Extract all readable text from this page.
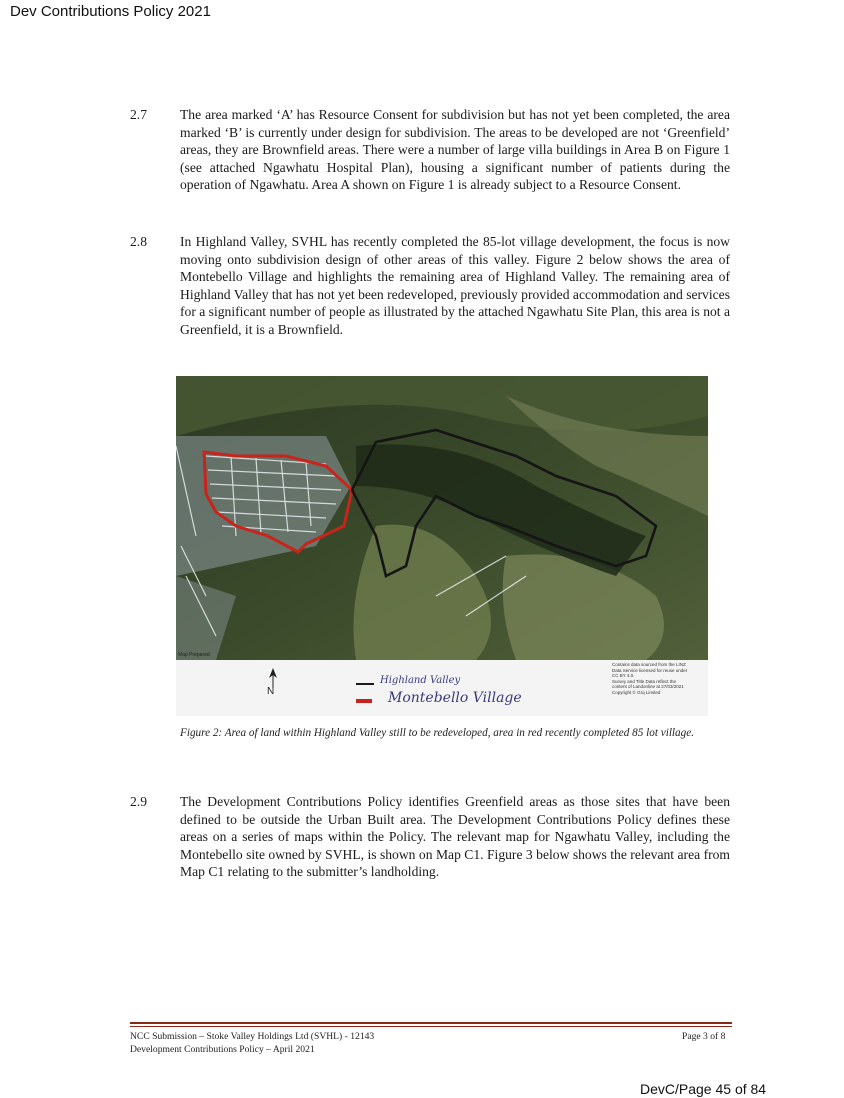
Dev Contributions Policy 2021
2.7 The area marked ‘A’ has Resource Consent for subdivision but has not yet been completed, the area marked ‘B’ is currently under design for subdivision. The areas to be developed are not ‘Greenfield’ areas, they are Brownfield areas. There were a number of large villa buildings in Area B on Figure 1 (see attached Ngawhatu Hospital Plan), housing a significant number of patients during the operation of Ngawhatu. Area A shown on Figure 1 is already subject to a Resource Consent.
2.8 In Highland Valley, SVHL has recently completed the 85-lot village development, the focus is now moving onto subdivision design of other areas of this valley. Figure 2 below shows the area of Montebello Village and highlights the remaining area of Highland Valley. The remaining area of Highland Valley that has not yet been redeveloped, previously provided accommodation and services for a significant number of people as illustrated by the attached Ngawhatu Site Plan, this area is not a Greenfield, it is a Brownfield.
Map Prepared
N
Highland Valley
Montebello Village
Contains data sourced from the LINZ
Data Service licensed for reuse under
CC BY 4.0.
Survey and Title Data reflect the
content of Landonline at 27/03/2021
Copyright © Grq Limited
Figure 2: Area of land within Highland Valley still to be redeveloped, area in red recently completed 85 lot village.
2.9 The Development Contributions Policy identifies Greenfield areas as those sites that have been defined to be outside the Urban Built area. The Development Contributions Policy defines these areas on a series of maps within the Policy. The relevant map for Ngawhatu Valley, including the Montebello site owned by SVHL, is shown on Map C1. Figure 3 below shows the relevant area from Map C1 relating to the submitter’s landholding.
NCC Submission – Stoke Valley Holdings Ltd (SVHL) - 12143
Development Contributions Policy – April 2021
Page 3 of 8
DevC/Page 45 of 84
